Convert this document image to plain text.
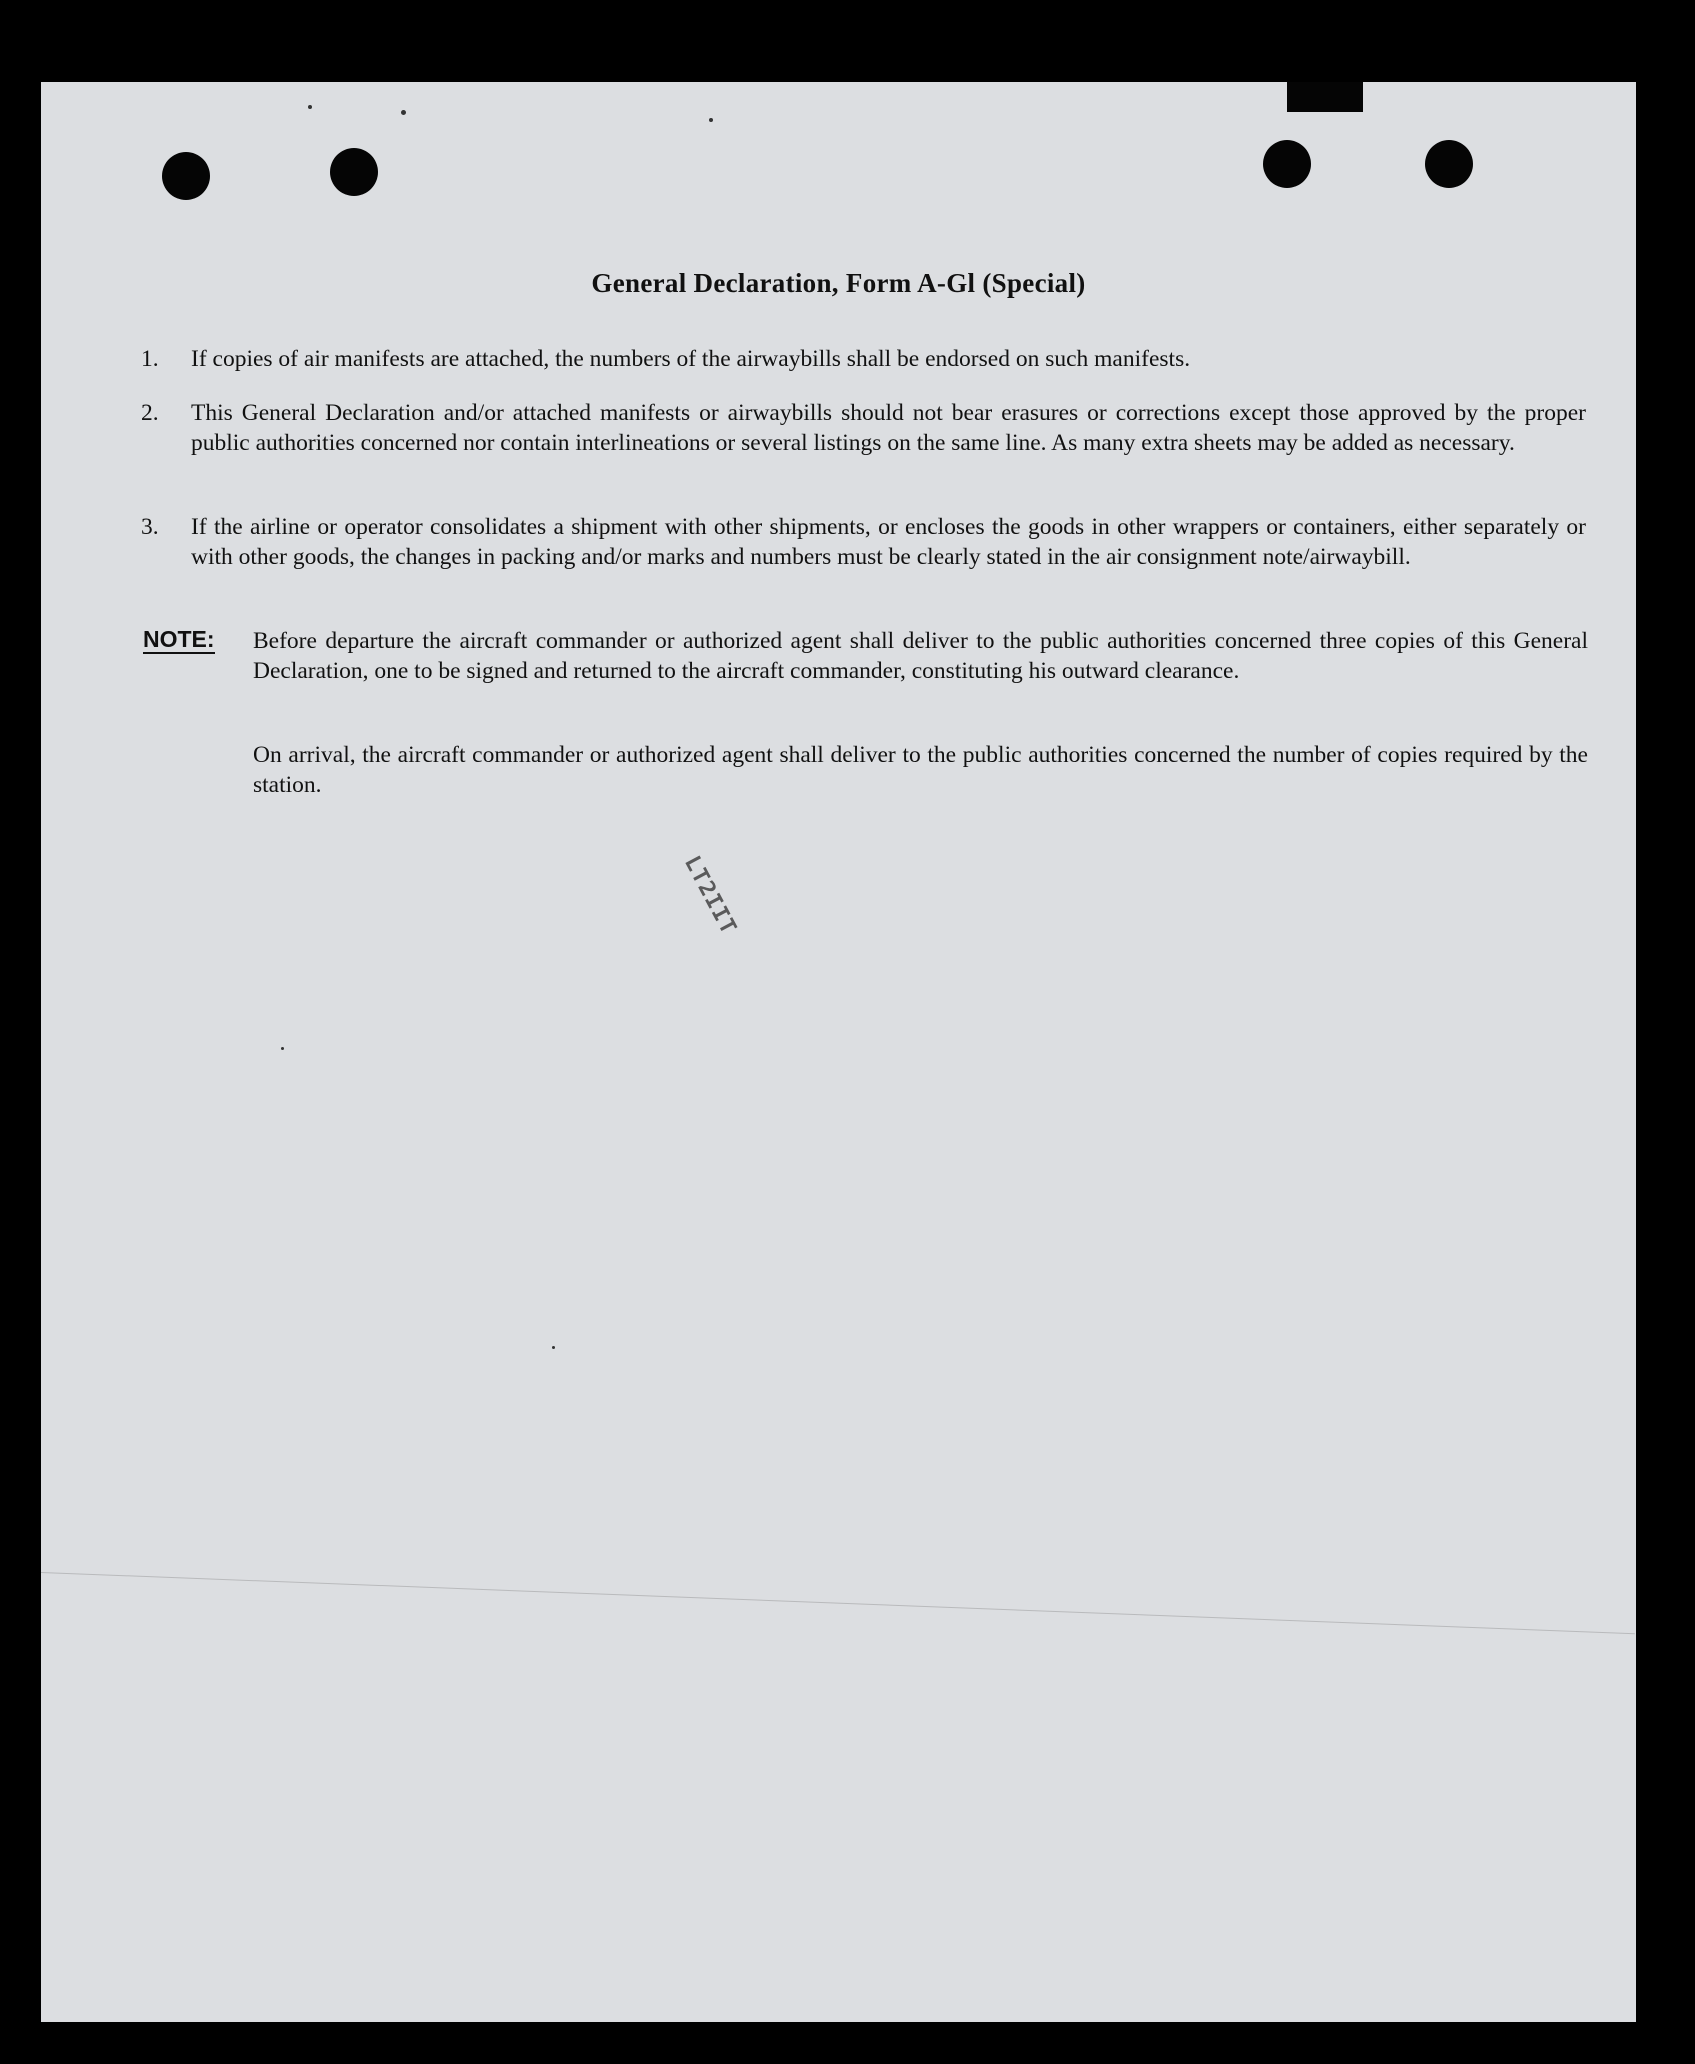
General Declaration, Form A-Gl (Special)
1.	If copies of air manifests are attached, the numbers of the airwaybills shall be endorsed on such manifests.
2.	This General Declaration and/or attached manifests or airwaybills should not bear erasures or corrections except those approved by the proper public authorities concerned nor contain interlineations or several listings on the same line. As many extra sheets may be added as necessary.
3.	If the airline or operator consolidates a shipment with other shipments, or encloses the goods in other wrappers or containers, either separately or with other goods, the changes in packing and/or marks and numbers must be clearly stated in the air consignment note/airwaybill.
NOTE: Before departure the aircraft commander or authorized agent shall deliver to the public authorities concerned three copies of this General Declaration, one to be signed and returned to the aircraft commander, constituting his outward clearance.
On arrival, the aircraft commander or authorized agent shall deliver to the public authorities concerned the number of copies required by the station.
LT2IIT
